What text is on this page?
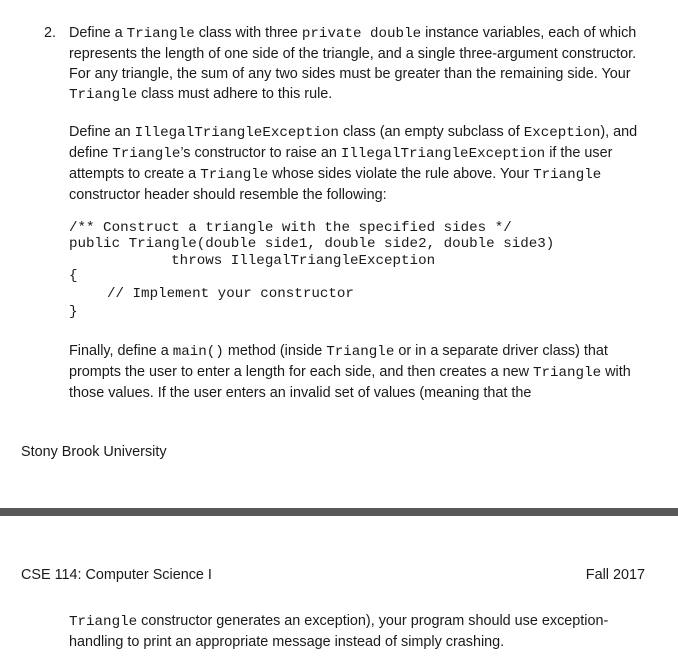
2. Define a Triangle class with three private double instance variables, each of which represents the length of one side of the triangle, and a single three-argument constructor. For any triangle, the sum of any two sides must be greater than the remaining side. Your Triangle class must adhere to this rule.

Define an IllegalTriangleException class (an empty subclass of Exception), and define Triangle’s constructor to raise an IllegalTriangleException if the user attempts to create a Triangle whose sides violate the rule above. Your Triangle constructor header should resemble the following:

/** Construct a triangle with the specified sides */
public Triangle(double side1, double side2, double side3)
throws IllegalTriangleException
{
// Implement your constructor
}

Finally, define a main() method (inside Triangle or in a separate driver class) that prompts the user to enter a length for each side, and then creates a new Triangle with those values. If the user enters an invalid set of values (meaning that the

Stony Brook University
CSE 114: Computer Science I	Fall 2017

Triangle constructor generates an exception), your program should use exception-handling to print an appropriate message instead of simply crashing.
